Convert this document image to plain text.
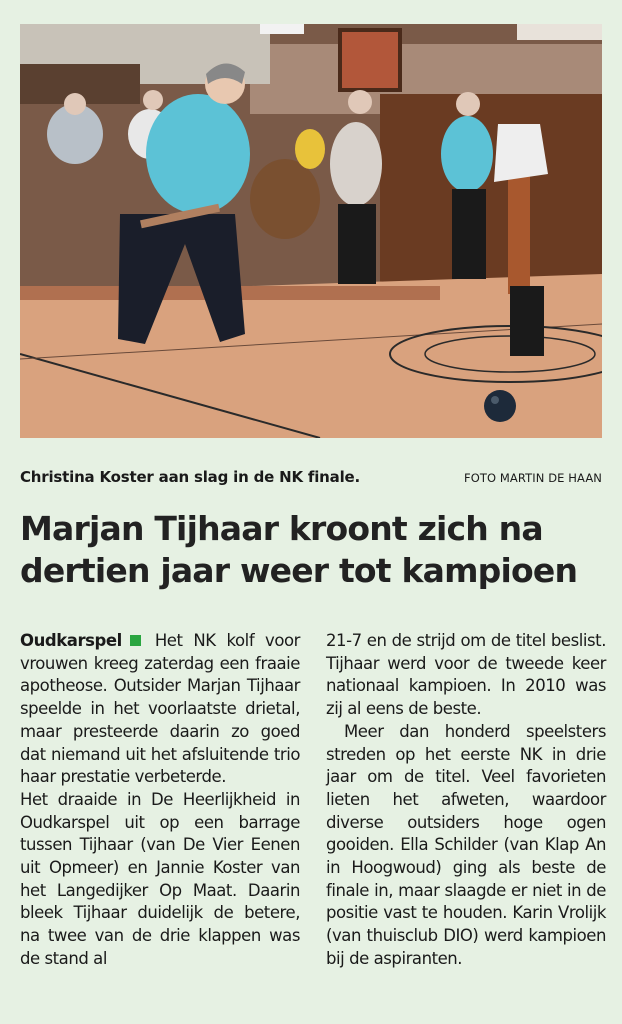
Christina Koster aan slag in de NK finale.	FOTO MARTIN DE HAAN
Marjan Tijhaar kroont zich na dertien jaar weer tot kampioen

Oudkarspel Het NK kolf voor vrouwen kreeg zaterdag een fraaie apotheose. Outsider Marjan Tijhaar speelde in het voorlaatste drietal, maar presteerde daarin zo goed dat niemand uit het afsluitende trio haar prestatie verbeterde.

Het draaide in De Heerlijkheid in Oudkarspel uit op een barrage tussen Tijhaar (van De Vier Eenen uit Opmeer) en Jannie Koster van het Langedijker Op Maat. Daarin bleek Tijhaar duidelijk de betere, na twee van de drie klappen was de stand al

21-7 en de strijd om de titel beslist. Tijhaar werd voor de tweede keer nationaal kampioen. In 2010 was zij al eens de beste.

Meer dan honderd speelsters streden op het eerste NK in drie jaar om de titel. Veel favorieten lieten het afweten, waardoor diverse outsiders hoge ogen gooiden. Ella Schilder (van Klap An in Hoogwoud) ging als beste de finale in, maar slaagde er niet in de positie vast te houden. Karin Vrolijk (van thuisclub DIO) werd kampioen bij de aspiranten.
